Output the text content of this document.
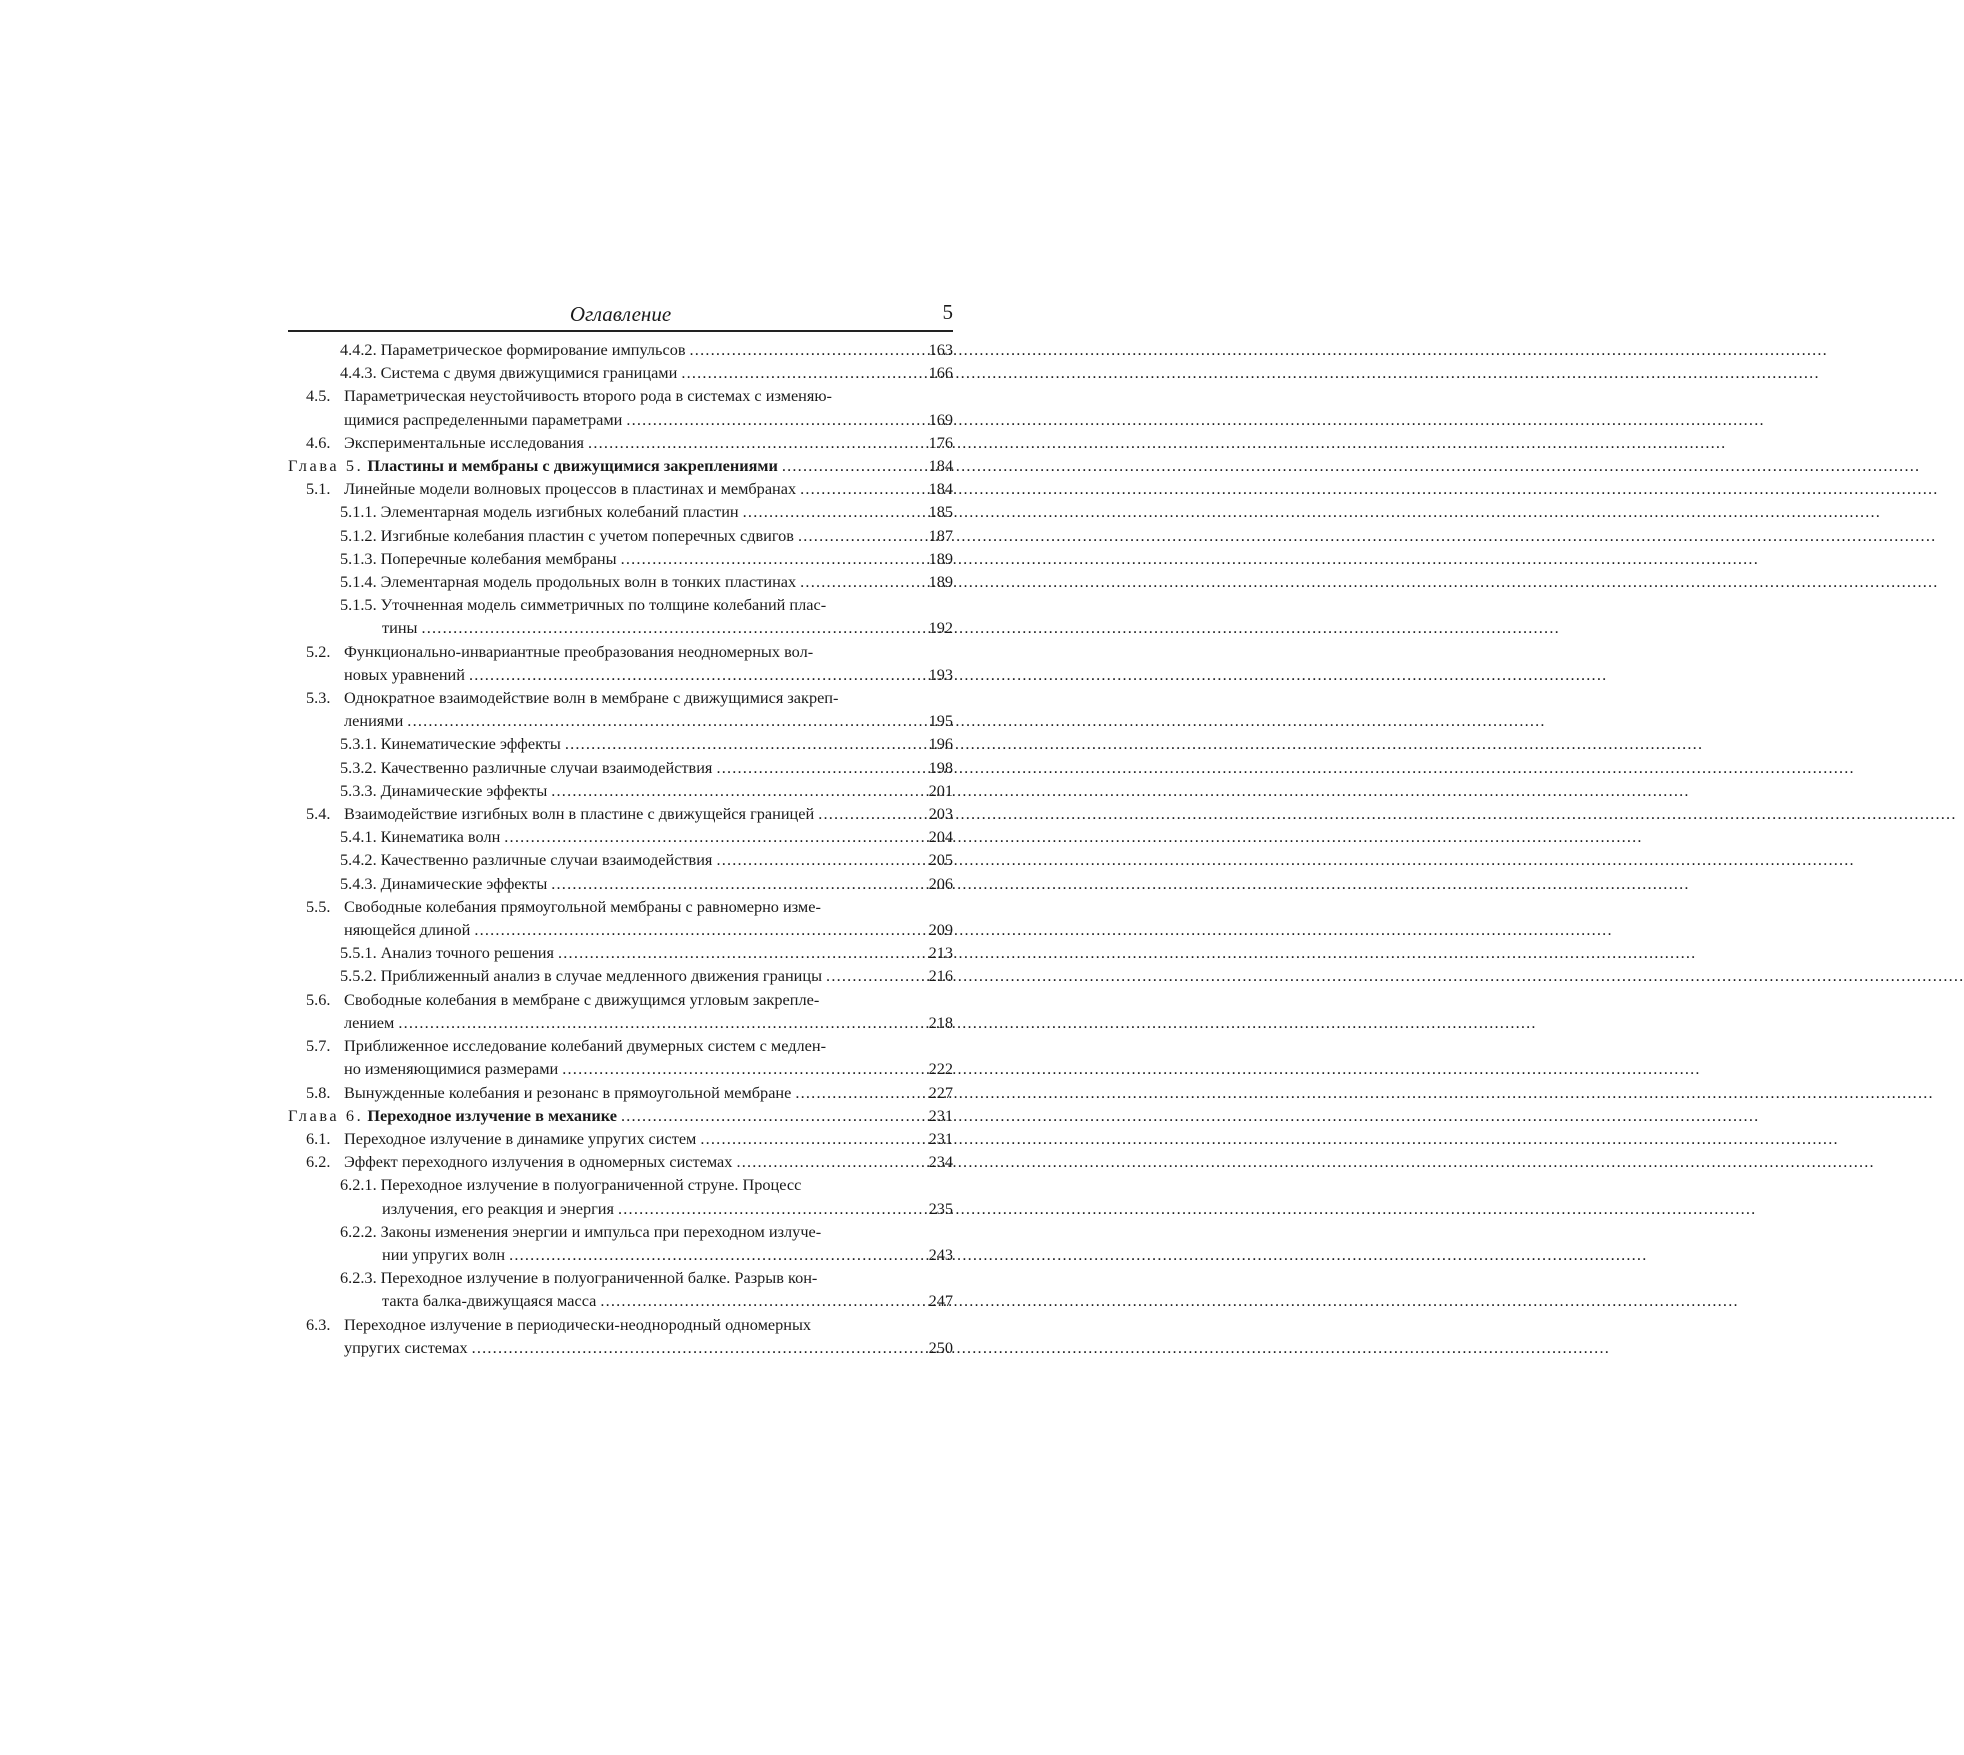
Оглавление	5
4.4.2. Параметрическое формирование импульсов .....	163
4.4.3. Система с двумя движущимися границами .....	166
4.5. Параметрическая неустойчивость второго рода в системах с изменяю-
щимися распределенными параметрами .....	169
4.6. Экспериментальные исследования .....	176
Глава 5. Пластины и мембраны с движущимися закреплениями .....	184
5.1. Линейные модели волновых процессов в пластинах и мембранах .....	184
5.1.1. Элементарная модель изгибных колебаний пластин .....	185
5.1.2. Изгибные колебания пластин с учетом поперечных сдвигов .....	187
5.1.3. Поперечные колебания мембраны .....	189
5.1.4. Элементарная модель продольных волн в тонких пластинах .....	189
5.1.5. Уточненная модель симметричных по толщине колебаний плас-
тины .....	192
5.2. Функционально-инвариантные преобразования неодномерных вол-
новых уравнений .....	193
5.3. Однократное взаимодействие волн в мембране с движущимися закреп-
лениями .....	195
5.3.1. Кинематические эффекты .....	196
5.3.2. Качественно различные случаи взаимодействия .....	198
5.3.3. Динамические эффекты .....	201
5.4. Взаимодействие изгибных волн в пластине с движущейся границей .....	203
5.4.1. Кинематика волн .....	204
5.4.2. Качественно различные случаи взаимодействия .....	205
5.4.3. Динамические эффекты .....	206
5.5. Свободные колебания прямоугольной мембраны с равномерно изме-
няющейся длиной .....	209
5.5.1. Анализ точного решения .....	213
5.5.2. Приближенный анализ в случае медленного движения границы .....	216
5.6. Свободные колебания в мембране с движущимся угловым закрепле-
лением .....	218
5.7. Приближенное исследование колебаний двумерных систем с медлен-
но изменяющимися размерами .....	222
5.8. Вынужденные колебания и резонанс в прямоугольной мембране .....	227
Глава 6. Переходное излучение в механике .....	231
6.1. Переходное излучение в динамике упругих систем .....	231
6.2. Эффект переходного излучения в одномерных системах .....	234
6.2.1. Переходное излучение в полуограниченной струне. Процесс
излучения, его реакция и энергия .....	235
6.2.2. Законы изменения энергии и импульса при переходном излуче-
нии упругих волн .....	243
6.2.3. Переходное излучение в полуограниченной балке. Разрыв кон-
такта балка-движущаяся масса .....	247
6.3. Переходное излучение в периодически-неоднородный одномерных
упругих системах .....	250
